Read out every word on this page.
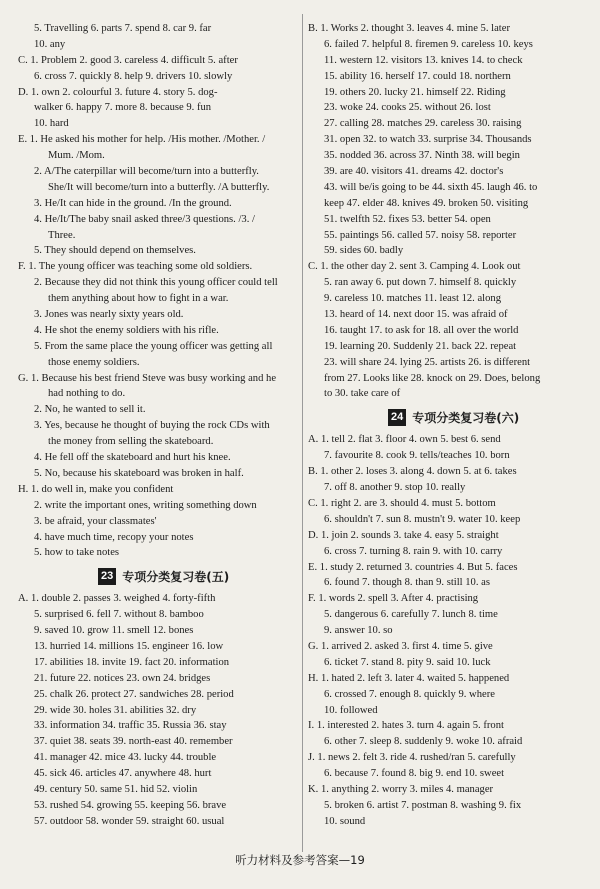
5. Travelling 6. parts 7. spend 8. car 9. far
10. any
C. 1. Problem 2. good 3. careless 4. difficult 5. after
6. cross 7. quickly 8. help 9. drivers 10. slowly
D. 1. own 2. colourful 3. future 4. story 5. dog-
walker 6. happy 7. more 8. because 9. fun
10. hard
E. 1. He asked his mother for help. /His mother. /Mother. /
Mum. /Mom.
2. A/The caterpillar will become/turn into a butterfly.
She/It will become/turn into a butterfly. /A butterfly.
3. He/It can hide in the ground. /In the ground.
4. He/It/The baby snail asked three/3 questions. /3. /
Three.
5. They should depend on themselves.
F. 1. The young officer was teaching some old soldiers.
2. Because they did not think this young officer could tell
them anything about how to fight in a war.
3. Jones was nearly sixty years old.
4. He shot the enemy soldiers with his rifle.
5. From the same place the young officer was getting all
those enemy soldiers.
G. 1. Because his best friend Steve was busy working and he
had nothing to do.
2. No, he wanted to sell it.
3. Yes, because he thought of buying the rock CDs with
the money from selling the skateboard.
4. He fell off the skateboard and hurt his knee.
5. No, because his skateboard was broken in half.
H. 1. do well in, make you confident
2. write the important ones, writing something down
3. be afraid, your classmates'
4. have much time, recopy your notes
5. how to take notes
23 专项分类复习卷(五)
A. 1. double 2. passes 3. weighed 4. forty-fifth
5. surprised 6. fell 7. without 8. bamboo
9. saved 10. grow 11. smell 12. bones
13. hurried 14. millions 15. engineer 16. low
17. abilities 18. invite 19. fact 20. information
21. future 22. notices 23. own 24. bridges
25. chalk 26. protect 27. sandwiches 28. period
29. wide 30. holes 31. abilities 32. dry
33. information 34. traffic 35. Russia 36. stay
37. quiet 38. seats 39. north-east 40. remember
41. manager 42. mice 43. lucky 44. trouble
45. sick 46. articles 47. anywhere 48. hurt
49. century 50. same 51. hid 52. violin
53. rushed 54. growing 55. keeping 56. brave
57. outdoor 58. wonder 59. straight 60. usual
B. 1. Works 2. thought 3. leaves 4. mine 5. later
6. failed 7. helpful 8. firemen 9. careless 10. keys
11. western 12. visitors 13. knives 14. to check
15. ability 16. herself 17. could 18. northern
19. others 20. lucky 21. himself 22. Riding
23. woke 24. cooks 25. without 26. lost
27. calling 28. matches 29. careless 30. raising
31. open 32. to watch 33. surprise 34. Thousands
35. nodded 36. across 37. Ninth 38. will begin
39. are 40. visitors 41. dreams 42. doctor's
43. will be/is going to be 44. sixth 45. laugh 46. to
keep 47. elder 48. knives 49. broken 50. visiting
51. twelfth 52. fixes 53. better 54. open
55. paintings 56. called 57. noisy 58. reporter
59. sides 60. badly
C. 1. the other day 2. sent 3. Camping 4. Look out
5. ran away 6. put down 7. himself 8. quickly
9. careless 10. matches 11. least 12. along
13. heard of 14. next door 15. was afraid of
16. taught 17. to ask for 18. all over the world
19. learning 20. Suddenly 21. back 22. repeat
23. will share 24. lying 25. artists 26. is different
from 27. Looks like 28. knock on 29. Does, belong
to 30. take care of
24 专项分类复习卷(六)
A. 1. tell 2. flat 3. floor 4. own 5. best 6. send
7. favourite 8. cook 9. tells/teaches 10. born
B. 1. other 2. loses 3. along 4. down 5. at 6. takes
7. off 8. another 9. stop 10. really
C. 1. right 2. are 3. should 4. must 5. bottom
6. shouldn't 7. sun 8. mustn't 9. water 10. keep
D. 1. join 2. sounds 3. take 4. easy 5. straight
6. cross 7. turning 8. rain 9. with 10. carry
E. 1. study 2. returned 3. countries 4. But 5. faces
6. found 7. though 8. than 9. still 10. as
F. 1. words 2. spell 3. After 4. practising
5. dangerous 6. carefully 7. lunch 8. time
9. answer 10. so
G. 1. arrived 2. asked 3. first 4. time 5. give
6. ticket 7. stand 8. pity 9. said 10. luck
H. 1. hated 2. left 3. later 4. waited 5. happened
6. crossed 7. enough 8. quickly 9. where
10. followed
I. 1. interested 2. hates 3. turn 4. again 5. front
6. other 7. sleep 8. suddenly 9. woke 10. afraid
J. 1. news 2. felt 3. ride 4. rushed/ran 5. carefully
6. because 7. found 8. big 9. end 10. sweet
K. 1. anything 2. worry 3. miles 4. manager
5. broken 6. artist 7. postman 8. washing 9. fix
10. sound
听力材料及参考答案—19
